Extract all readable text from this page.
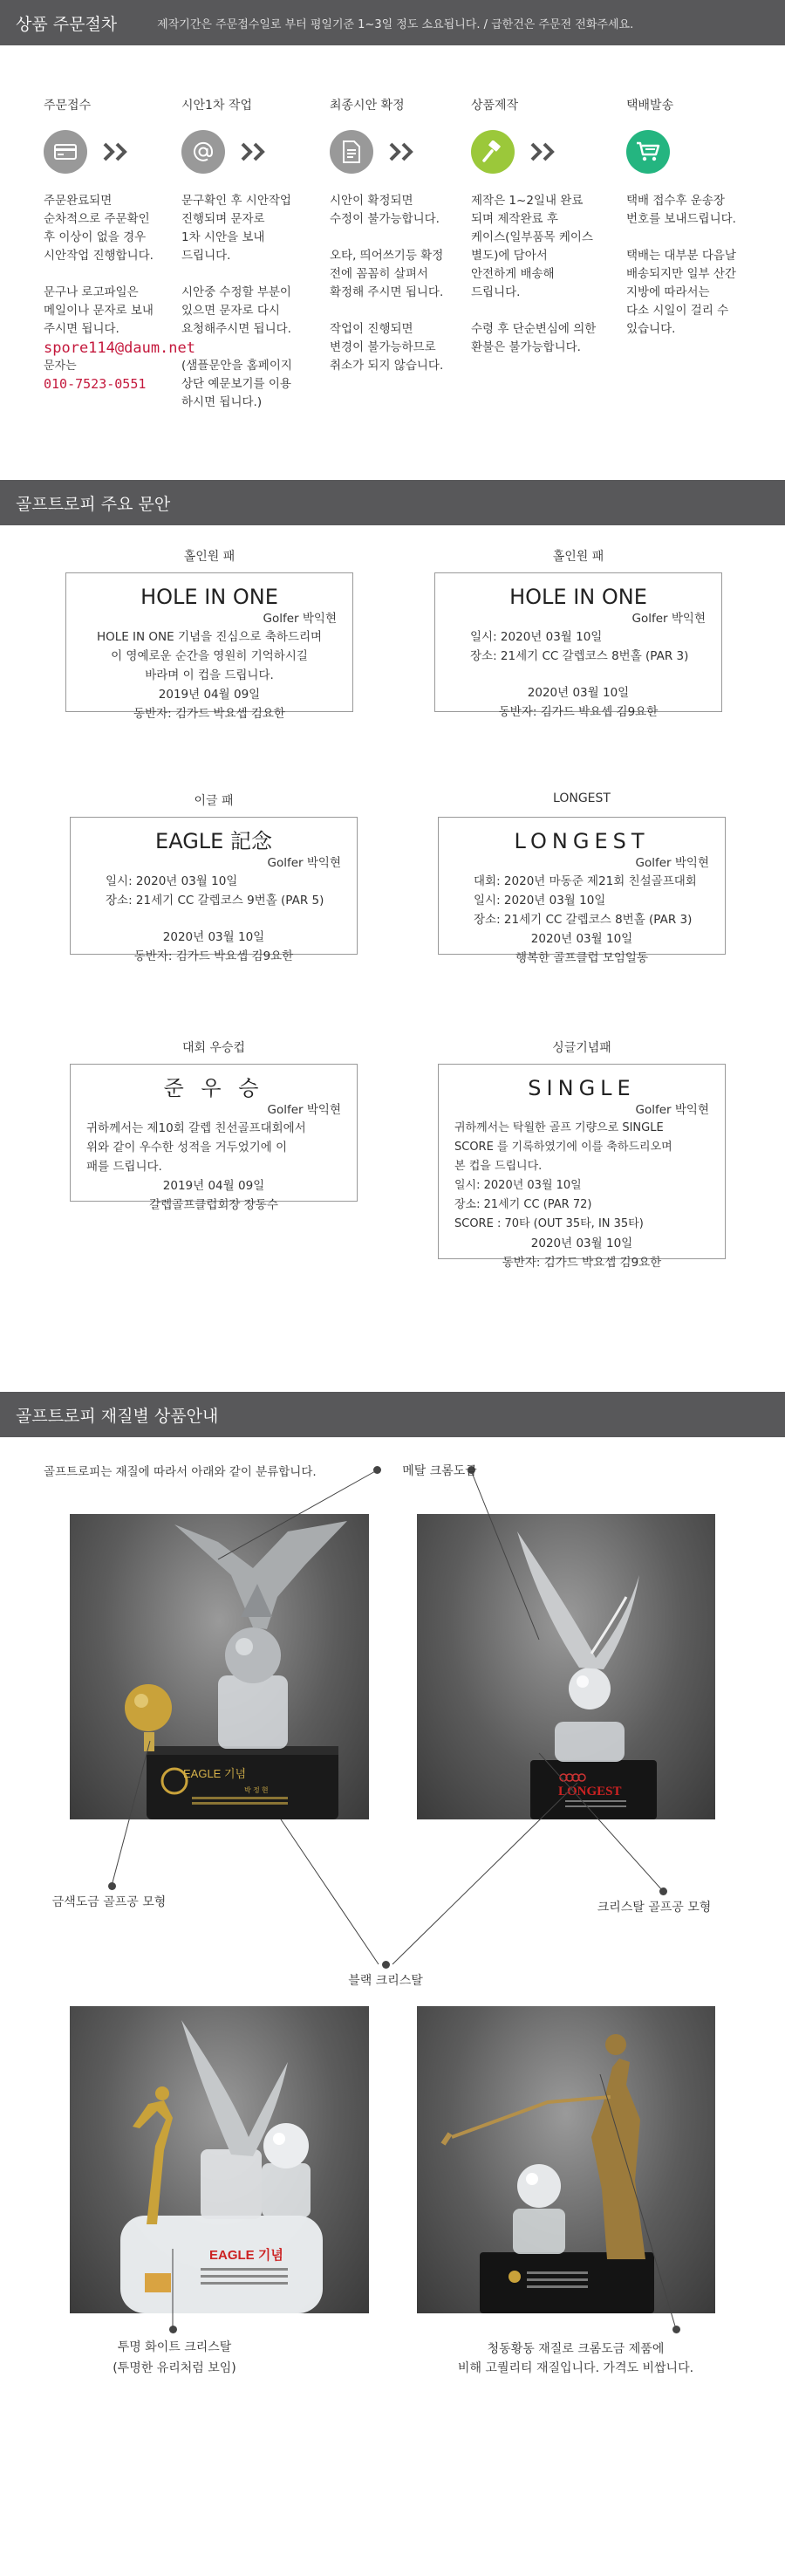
상품 주문절차	제작기간은 주문접수일로 부터 평일기준 1~3일 정도 소요됩니다. / 급한건은 주문전 전화주세요.
주문접수

주문완료되면
순차적으로 주문확인
후 이상이 없을 경우
시안작업 진행합니다.

문구나 로고파일은
메일이나 문자로 보내
주시면 됩니다.

spore114@daum.net
문자는
010-7523-0551
시안1차 작업

문구확인 후 시안작업
진행되며 문자로
1차 시안을 보내
드립니다.

시안중 수정할 부분이
있으면 문자로 다시
요청해주시면 됩니다.

(샘플문안을 홈페이지
상단 예문보기를 이용
하시면 됩니다.)

최종시안 확정

시안이 확정되면
수정이 불가능합니다.

오타, 띄어쓰기등 확정
전에 꼼꼼히 살펴서
확정해 주시면 됩니다.

작업이 진행되면
변경이 불가능하므로
취소가 되지 않습니다.

상품제작

제작은 1~2일내 완료
되며 제작완료 후
케이스(일부품목 케이스
별도)에 담아서
안전하게 배송해
드립니다.

수령 후 단순변심에 의한
환불은 불가능합니다.

택배발송

택배 접수후 운송장
번호를 보내드립니다.

택배는 대부분 다음날
배송되지만 일부 산간
지방에 따라서는
다소 시일이 걸리 수
있습니다.

골프트로피 주요 문안
홀인원 패
HOLE IN ONE
Golfer 박익현

HOLE IN ONE 기념을 진심으로 축하드리며
이 영예로운 순간을 영원히 기억하시길
바라며 이 컵을 드립니다.

2019년 04월 09일
동반자: 김가드 박요셉 김요한
홀인원 패
HOLE IN ONE
Golfer 박익현

일시: 2020년 03월 10일
장소: 21세기 CC 갈렙코스 8번홀 (PAR 3)

2020년 03월 10일
동반자: 김가드 박요셉 김9요한
이글 패
EAGLE 記念
Golfer 박익현

일시: 2020년 03월 10일
장소: 21세기 CC 갈렙코스 9번홀 (PAR 5)

2020년 03월 10일
동반자: 김가드 박요셉 김9요한
LONGEST
LONGEST
Golfer 박익현

대회: 2020년 마동준 제21회 친설골프대회
일시: 2020년 03월 10일
장소: 21세기 CC 갈렙코스 8번홀 (PAR 3)

2020년 03월 10일
행복한 골프클럽 모임일동
대회 우승컵
준 우 승
Golfer 박익현

귀하께서는 제10회 갈렙 친선골프대회에서
위와 같이 우수한 성적을 거두었기에 이
패를 드립니다.

2019년 04월 09일
갈렙골프클럽회장 장동수
싱글기념패
SINGLE
Golfer 박익현

귀하께서는 탁월한 골프 기량으로 SINGLE
SCORE 를 기록하였기에 이를 축하드리오며
본 컵을 드립니다.
일시: 2020년 03월 10일
장소: 21세기 CC (PAR 72)
SCORE : 70타 (OUT 35타, IN 35타)

2020년 03월 10일
동반자: 김가드 박요셉 김9요한
골프트로피 재질별 상품안내
골프트로피는 재질에 따라서 아래와 같이 분류합니다.
EAGLE 기념
박 정 현	LONGEST
EAGLE 기념
메탈 크롬도금
금색도금 골프공 모형	크리스탈 골프공 모형
블랙 크리스탈
투명 화이트 크리스탈
(투명한 유리처럼 보임)
청동황동 재질로 크롬도금 제품에
비해 고퀄리티 재질입니다. 가격도 비쌉니다.
